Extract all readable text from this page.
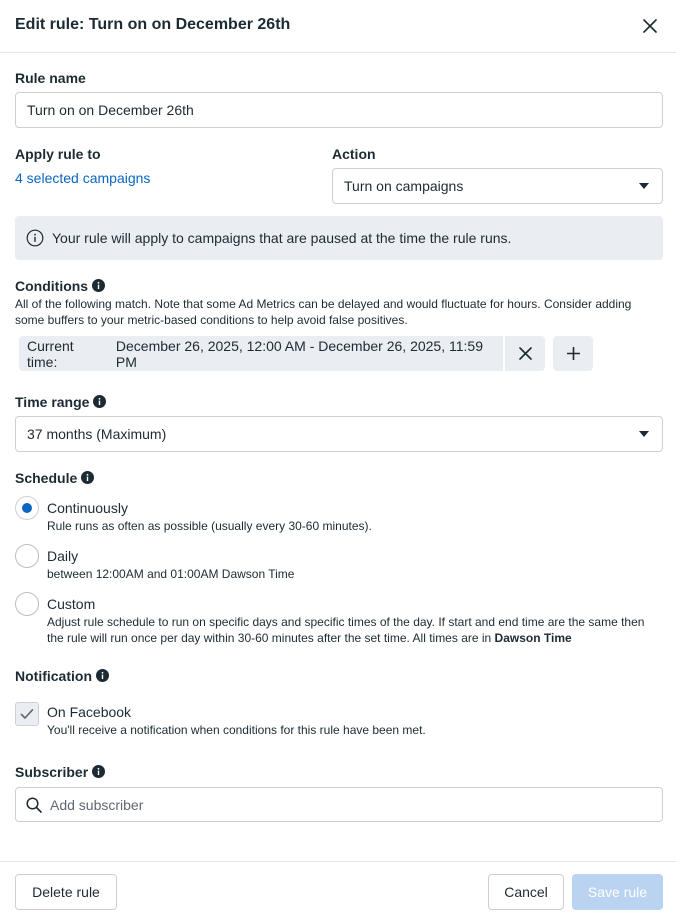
Edit rule: Turn on on December 26th
Rule name
Turn on on December 26th
Apply rule to
4 selected campaigns
Action
Turn on campaigns
Your rule will apply to campaigns that are paused at the time the rule runs.
Conditions
All of the following match. Note that some Ad Metrics can be delayed and would fluctuate for hours. Consider adding
some buffers to your metric-based conditions to help avoid false positives.
Current time:
December 26, 2025, 12:00 AM - December 26, 2025, 11:59 PM
Time range
37 months (Maximum)
Schedule
Continuously
Rule runs as often as possible (usually every 30-60 minutes).
Daily
between 12:00AM and 01:00AM Dawson Time
Custom
Adjust rule schedule to run on specific days and specific times of the day. If start and end time are the same then
the rule will run once per day within 30-60 minutes after the set time. All times are in Dawson Time
Notification
On Facebook
You'll receive a notification when conditions for this rule have been met.
Subscriber
Add subscriber
Delete rule	Cancel	Save rule
